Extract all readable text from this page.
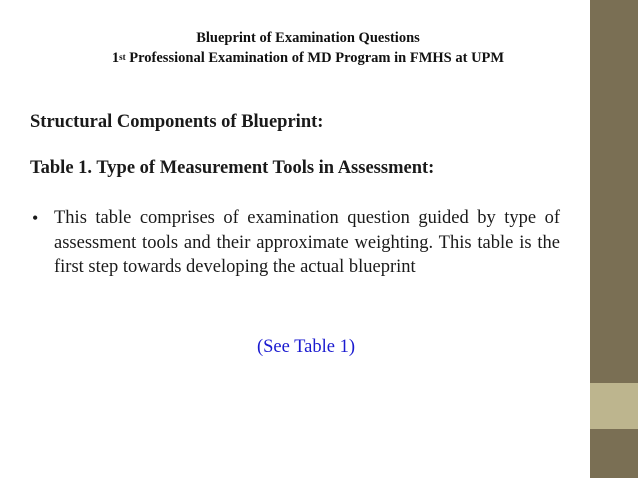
Blueprint of Examination Questions
1st Professional Examination of MD Program in FMHS at UPM
Structural Components of Blueprint:
Table 1. Type of Measurement Tools in Assessment:
• This table comprises of examination question guided by type of assessment tools and their approximate weighting. This table is the first step towards developing the actual blueprint
(See Table 1)
